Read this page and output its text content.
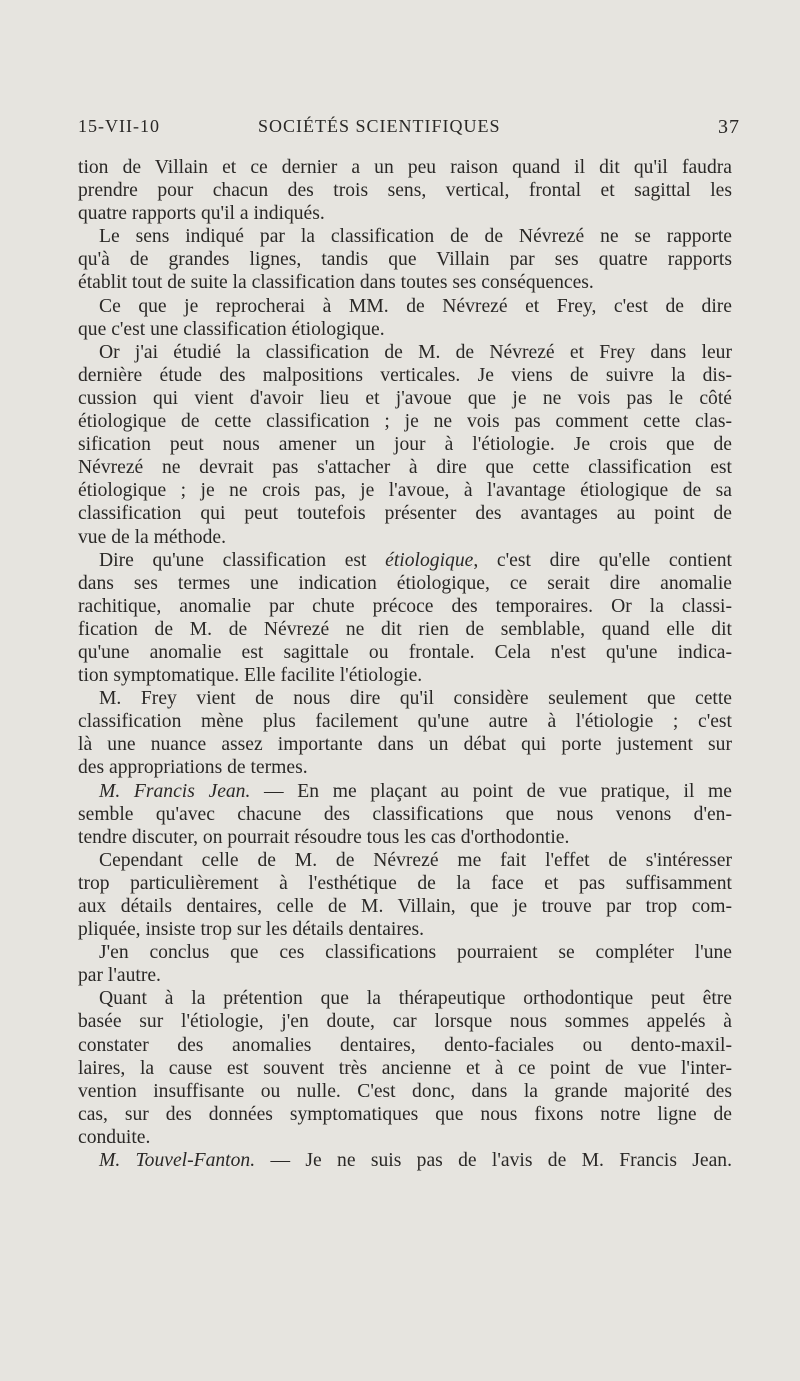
15-VII-10	SOCIÉTÉS SCIENTIFIQUES	37
tion de Villain et ce dernier a un peu raison quand il dit qu'il faudra
prendre pour chacun des trois sens, vertical, frontal et sagittal les
quatre rapports qu'il a indiqués.
Le sens indiqué par la classification de de Névrezé ne se rapporte
qu'à de grandes lignes, tandis que Villain par ses quatre rapports
établit tout de suite la classification dans toutes ses conséquences.
Ce que je reprocherai à MM. de Névrezé et Frey, c'est de dire
que c'est une classification étiologique.
Or j'ai étudié la classification de M. de Névrezé et Frey dans leur
dernière étude des malpositions verticales. Je viens de suivre la dis-
cussion qui vient d'avoir lieu et j'avoue que je ne vois pas le côté
étiologique de cette classification ; je ne vois pas comment cette clas-
sification peut nous amener un jour à l'étiologie. Je crois que de
Névrezé ne devrait pas s'attacher à dire que cette classification est
étiologique ; je ne crois pas, je l'avoue, à l'avantage étiologique de sa
classification qui peut toutefois présenter des avantages au point de
vue de la méthode.
Dire qu'une classification est étiologique, c'est dire qu'elle contient
dans ses termes une indication étiologique, ce serait dire anomalie
rachitique, anomalie par chute précoce des temporaires. Or la classi-
fication de M. de Névrezé ne dit rien de semblable, quand elle dit
qu'une anomalie est sagittale ou frontale. Cela n'est qu'une indica-
tion symptomatique. Elle facilite l'étiologie.
M. Frey vient de nous dire qu'il considère seulement que cette
classification mène plus facilement qu'une autre à l'étiologie ; c'est
là une nuance assez importante dans un débat qui porte justement sur
des appropriations de termes.
M. Francis Jean. — En me plaçant au point de vue pratique, il me
semble qu'avec chacune des classifications que nous venons d'en-
tendre discuter, on pourrait résoudre tous les cas d'orthodontie.
Cependant celle de M. de Névrezé me fait l'effet de s'intéresser
trop particulièrement à l'esthétique de la face et pas suffisamment
aux détails dentaires, celle de M. Villain, que je trouve par trop com-
pliquée, insiste trop sur les détails dentaires.
J'en conclus que ces classifications pourraient se compléter l'une
par l'autre.
Quant à la prétention que la thérapeutique orthodontique peut être
basée sur l'étiologie, j'en doute, car lorsque nous sommes appelés à
constater des anomalies dentaires, dento-faciales ou dento-maxil-
laires, la cause est souvent très ancienne et à ce point de vue l'inter-
vention insuffisante ou nulle. C'est donc, dans la grande majorité des
cas, sur des données symptomatiques que nous fixons notre ligne de
conduite.
M. Touvel-Fanton. — Je ne suis pas de l'avis de M. Francis Jean.
